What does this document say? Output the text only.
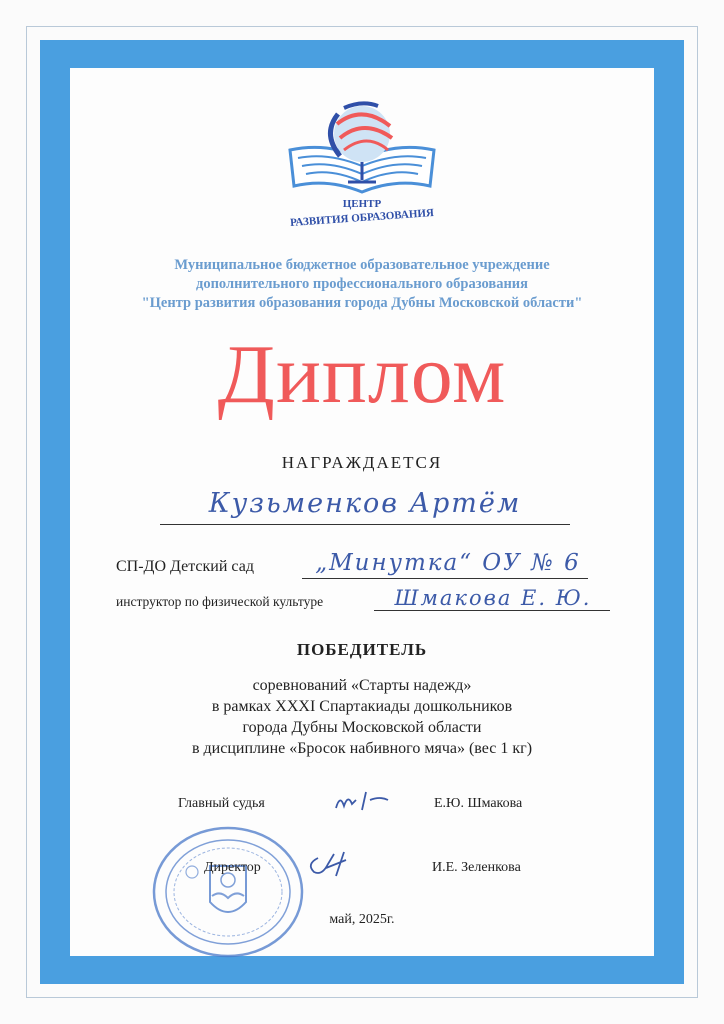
ЦЕНТР
РАЗВИТИЯ ОБРАЗОВАНИЯ
Муниципальное бюджетное образовательное учреждение
дополнительного профессионального образования
"Центр развития образования города Дубны Московской области"
Диплом
НАГРАЖДАЕТСЯ
Кузьменков Артём
СП-ДО Детский сад	„Минутка“ ОУ № 6
инструктор по физической культуре	Шмакова Е. Ю.
ПОБЕДИТЕЛЬ
соревнований «Старты надежд»
в рамках XXXI Спартакиады дошкольников
города Дубны Московской области
в дисциплине «Бросок набивного мяча» (вес 1 кг)
Главный судья	Е.Ю. Шмакова
Директор	И.Е. Зеленкова
май, 2025г.
